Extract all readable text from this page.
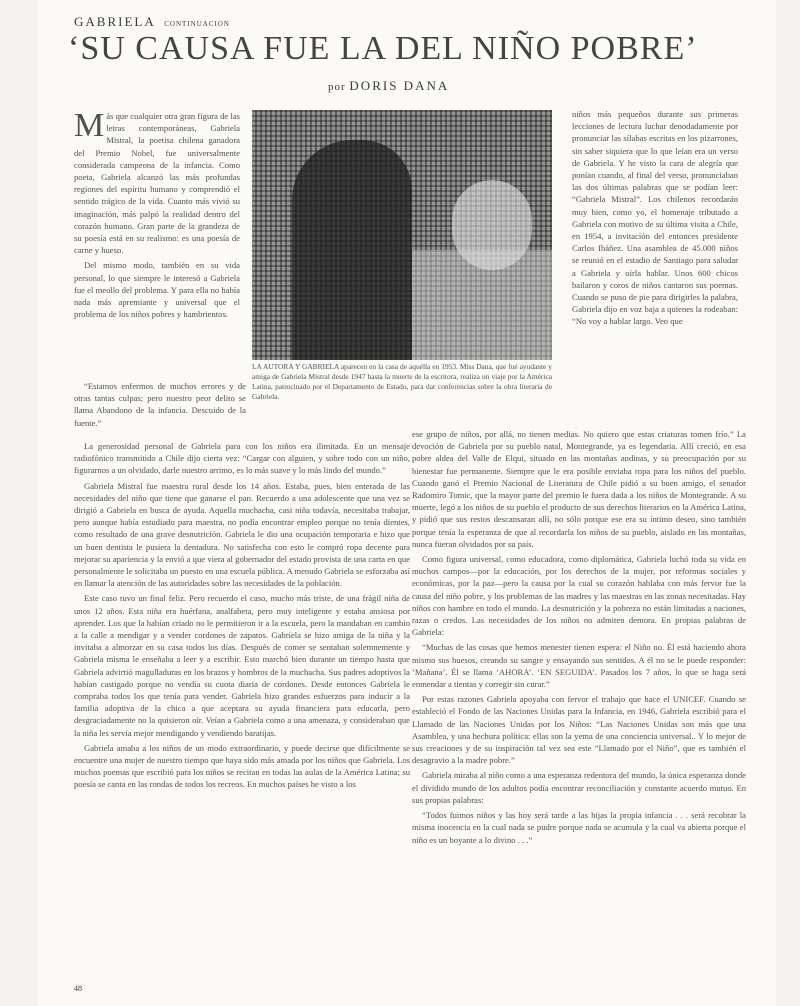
GABRIELA CONTINUACION
‘SU CAUSA FUE LA DEL NIÑO POBRE’
por DORIS DANA

Más que cualquier otra gran figura de las letras contemporáneas, Gabriela Mistral, la poetisa chilena ganadora del Premio Nobel, fue universalmente considerada campeona de la infancia. Como poeta, Gabriela alcanzó las más profundas regiones del espíritu humano y comprendió el sentido trágico de la vida. Cuanto más vivió su imaginación, más palpó la realidad dentro del corazón humano. Gran parte de la grandeza de su poesía está en su realismo: es una poesía de carne y hueso.

Del mismo modo, también en su vida personal, lo que siempre le interesó a Gabriela fue el meollo del problema. Y para ella no había nada más apremiante y universal que el problema de los niños pobres y hambrientos.

LA AUTORA Y GABRIELA aparecen en la casa de aquélla en 1953. Miss Dana, que fué ayudante y amiga de Gabriela Mistral desde 1947 hasta la muerte de la escritora, realiza un viaje por la América Latina, patrocinado por el Departamento de Estado, para dar conferencias sobre la obra literaria de Gabriela.

“Estamos enfermos de muchos errores y de otras tantas culpas; pero nuestro peor delito se llama Abandono de la infancia. Descuido de la fuente.”

niños más pequeños durante sus primeras lecciones de lectura luchar denodadamente por pronunciar las sílabas escritas en los pizarrones, sin saber siquiera que lo que leían era un verso de Gabriela. Y he visto la cara de alegría que ponían cuando, al final del verso, pronunciaban las dos últimas palabras que se podían leer: “Gabriela Mistral”. Los chilenos recordarán muy bien, como yo, el homenaje tributado a Gabriela con motivo de su última visita a Chile, en 1954, a invitación del entonces presidente Carlos Ibáñez. Una asamblea de 45.000 niños se reunió en el estadio de Santiago para saludar a Gabriela y oírla hablar. Unos 600 chicos bailaron y coros de niños cantaron sus poemas. Cuando se puso de pie para dirigirles la palabra, Gabriela dijo en voz baja a quienes la rodeaban: “No voy a hablar largo. Veo que

La generosidad personal de Gabriela para con los niños era ilimitada. En un mensaje radiofónico transmitido a Chile dijo cierta vez: “Cargar con alguien, y sobre todo con un niño, figurarnos a un olvidado, darle nuestro arrimo, es lo más suave y lo más lindo del mundo.”

Gabriela Mistral fue maestra rural desde los 14 años. Estaba, pues, bien enterada de las necesidades del niño que tiene que ganarse el pan. Recuerdo a una adolescente que una vez se dirigió a Gabriela en busca de ayuda. Aquella muchacha, casi niña todavía, necesitaba trabajar, pero aunque había estudiado para maestra, no podía encontrar empleo porque no tenía dientes, como resultado de una grave desnutrición. Gabriela le dio una ocupación temporaria e hizo que un buen dentista le pusiera la dentadura. No satisfecha con esto le compró ropa decente para mejorar su apariencia y la envió a que viera al gobernador del estado provista de una carta en que personalmente le solicitaba un puesto en una escuela pública. A menudo Gabriela se esforzaba así en llamar la atención de las autoridades sobre las necesidades de la población.

Este caso tuvo un final feliz. Pero recuerdo el caso, mucho más triste, de una frágil niña de unos 12 años. Esta niña era huérfana, analfabeta, pero muy inteligente y estaba ansiosa por aprender. Los que la habían criado no le permitieron ir a la escuela, pero la mandaban en cambio a la calle a mendigar y a vender cordones de zapatos. Gabriela se hizo amiga de la niña y la invitaba a almorzar en su casa todos los días. Después de comer se sentaban solemnemente y Gabriela misma le enseñaba a leer y a escribir. Esto marchó bien durante un tiempo hasta que Gabriela advirtió magulladuras en los brazos y hombros de la muchacha. Sus padres adoptivos la habían castigado porque no vendía su cuota diaria de cordones. Desde entonces Gabriela le compraba todos los que tenía para vender. Gabriela hizo grandes esfuerzos para inducir a la familia adoptiva de la chica a que aceptara su ayuda financiera para educarla, pero desgraciadamente no la quisieron oír. Veían a Gabriela como a una amenaza, y consideraban que la niña les servía mejor mendigando y vendiendo baratijas.

Gabriela amaba a los niños de un modo extraordinario, y puede decirse que difícilmente se encuentre una mujer de nuestro tiempo que haya sido más amada por los niños que Gabriela. Los muchos poemas que escribió para los niños se recitan en todas las aulas de la América Latina; su poesía se canta en las rondas de todos los recreos. En muchos países he visto a los

ese grupo de niños, por allá, no tienen medias. No quiero que estas criaturas tomen frío.” La devoción de Gabriela por su pueblo natal, Montegrande, ya es legendaria. Allí creció, en esa pobre aldea del Valle de Elqui, situado en las montañas andinas, y su preocupación por su bienestar fue permanente. Siempre que le era posible enviaba ropa para los niños del pueblo. Cuando ganó el Premio Nacional de Literatura de Chile pidió a su buen amigo, el senador Radomiro Tomic, que la mayor parte del premio le fuera dada a los niños de Montegrande. A su muerte, legó a los niños de su pueblo el producto de sus derechos literarios en la América Latina, y pidió que sus restos descansaran allí, no sólo porque ese era su íntimo deseo, sino también porque tenía la esperanza de que al recordarla los niños de su pueblo, aislado en las montañas, nunca fueran olvidados por su país.

Como figura universal, como educadora, como diplomática, Gabriela luchó toda su vida en muchos campos—por la educación, por los derechos de la mujer, por reformas sociales y económicas, por la paz—pero la causa por la cual su corazón hablaba con más fervor fue la causa del niño pobre, y los problemas de las madres y las maestras en las zonas necesitadas. Hay niños con hambre en todo el mundo. La desnutrición y la pobreza no están limitadas a naciones, razas o credos. Las necesidades de los niños no admiten demora. En propias palabras de Gabriela:

“Muchas de las cosas que hemos menester tienen espera: el Niño no. Él está haciendo ahora mismo sus huesos, creando su sangre y ensayando sus sentidos. A él no se le puede responder: ‘Mañana’. Él se llama ‘AHORA’. ‘EN SEGUIDA’. Pasados los 7 años, lo que se haga será enmendar a tientas y corregir sin curar.”

Por estas razones Gabriela apoyaba con fervor el trabajo que hace el UNICEF. Cuando se estableció el Fondo de las Naciones Unidas para la Infancia, en 1946, Gabriela escribió para el Llamado de las Naciones Unidas por los Niños: “Las Naciones Unidas son más que una Asamblea, y una hechura política: ellas son la yema de una conciencia universal.. Y lo mejor de sus creaciones y de su inspiración tal vez sea este “Llamado por el Niño”, que es también el desagravio a la madre pobre.”

Gabriela miraba al niño como a una esperanza redentora del mundo, la única esperanza donde el dividido mundo de los adultos podía encontrar reconciliación y constante acuerdo mutuo. En sus propias palabras:

“Todos fuimos niños y las hoy será tarde a las hijas la propia infancia . . . será recobrar la misma inocencia en la cual nada se pudre porque nada se acumula y la cual va abierta porque el niño es un boyante a lo divino . . .”

48
